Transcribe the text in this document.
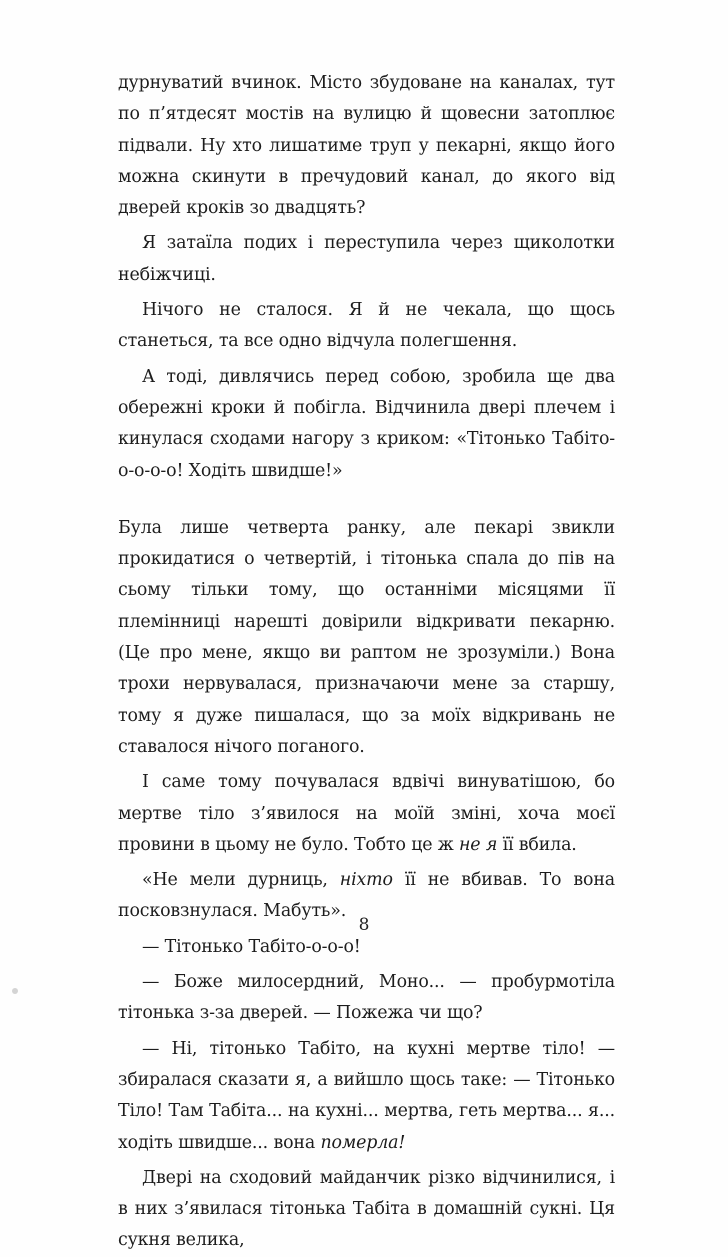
дурнуватий вчинок. Місто збудоване на каналах, тут по п’ятдесят мостів на вулицю й щовесни затоплює підвали. Ну хто лишатиме труп у пекарні, якщо його можна скинути в пречудовий канал, до якого від дверей кроків зо двадцять?

Я затаїла подих і переступила через щиколотки небіжчиці.

Нічого не сталося. Я й не чекала, що щось станеться, та все одно відчула полегшення.

А тоді, дивлячись перед собою, зробила ще два обережні кроки й побігла. Відчинила двері плечем і кинулася сходами нагору з криком: «Тітонько Табіто-о-о-о-о! Ходіть швидше!»

Була лише четверта ранку, але пекарі звикли прокидатися о четвертій, і тітонька спала до пів на сьому тільки тому, що останніми місяцями її племінниці нарешті довірили відкривати пекарню. (Це про мене, якщо ви раптом не зрозуміли.) Вона трохи нервувалася, призначаючи мене за старшу, тому я дуже пишалася, що за моїх відкривань не ставалося нічого поганого.

І саме тому почувалася вдвічі винуватішою, бо мертве тіло з’явилося на моїй зміні, хоча моєї провини в цьому не було. Тобто це ж не я її вбила.

«Не мели дурниць, ніхто її не вбивав. То вона посковзнулася. Мабуть».

— Тітонько Табіто-о-о-о!

— Боже милосердний, Моно... — пробурмотіла тітонька з-за дверей. — Пожежа чи що?

— Ні, тітонько Табіто, на кухні мертве тіло! — збиралася сказати я, а вийшло щось таке: — Тітонько Тіло! Там Табіта... на кухні... мертва, геть мертва... я... ходіть швидше... вона померла!

Двері на сходовий майданчик різко відчинилися, і в них з’явилася тітонька Табіта в домашній сукні. Ця сукня велика,

8
